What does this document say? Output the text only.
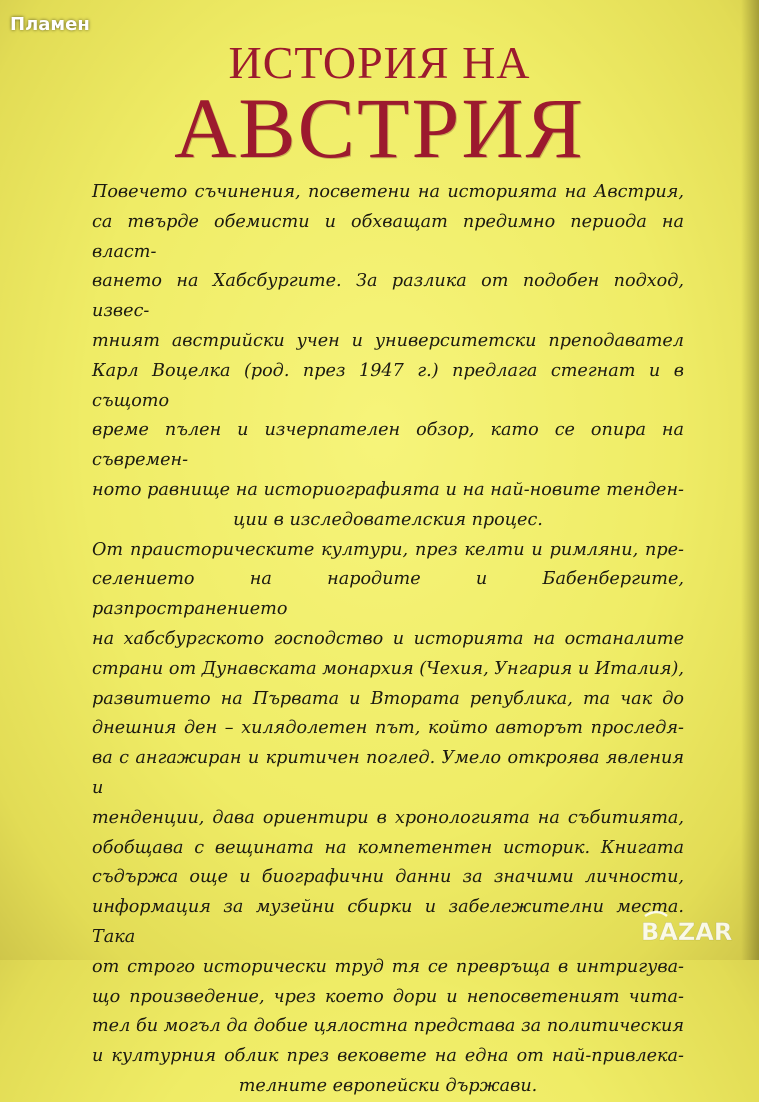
Пламен
ИСТОРИЯ НА
АВСТРИЯ

Повечето съчинения, посветени на историята на Австрия,

са твърде обемисти и обхващат предимно периода на власт-

ването на Хабсбургите. За разлика от подобен подход, извес-

тният австрийски учен и университетски преподавател

Карл Воцелка (род. през 1947 г.) предлага стегнат и в същото

време пълен и изчерпателен обзор, като се опира на съвремен-

ното равнище на историографията и на най-новите тенден-

ции в изследователския процес.

От праисторическите култури, през келти и римляни, пре-

селението на народите и Бабенбергите, разпространението

на хабсбургското господство и историята на останалите

страни от Дунавската монархия (Чехия, Унгария и Италия),

развитието на Първата и Втората република, та чак до

днешния ден – хилядолетен път, който авторът проследя-

ва с ангажиран и критичен поглед. Умело откроява явления и

тенденции, дава ориентири в хронологията на събитията,

обобщава с вещината на компетентен историк. Книгата

съдържа още и биографични данни за значими личности,

информация за музейни сбирки и забележителни места. Така

от строго исторически труд тя се превръща в интригува-

що произведение, чрез което дори и непосветеният чита-

тел би могъл да добие цялостна представа за политическия

и културния облик през вековете на една от най-привлека-

телните европейски държави.

BAZAR
